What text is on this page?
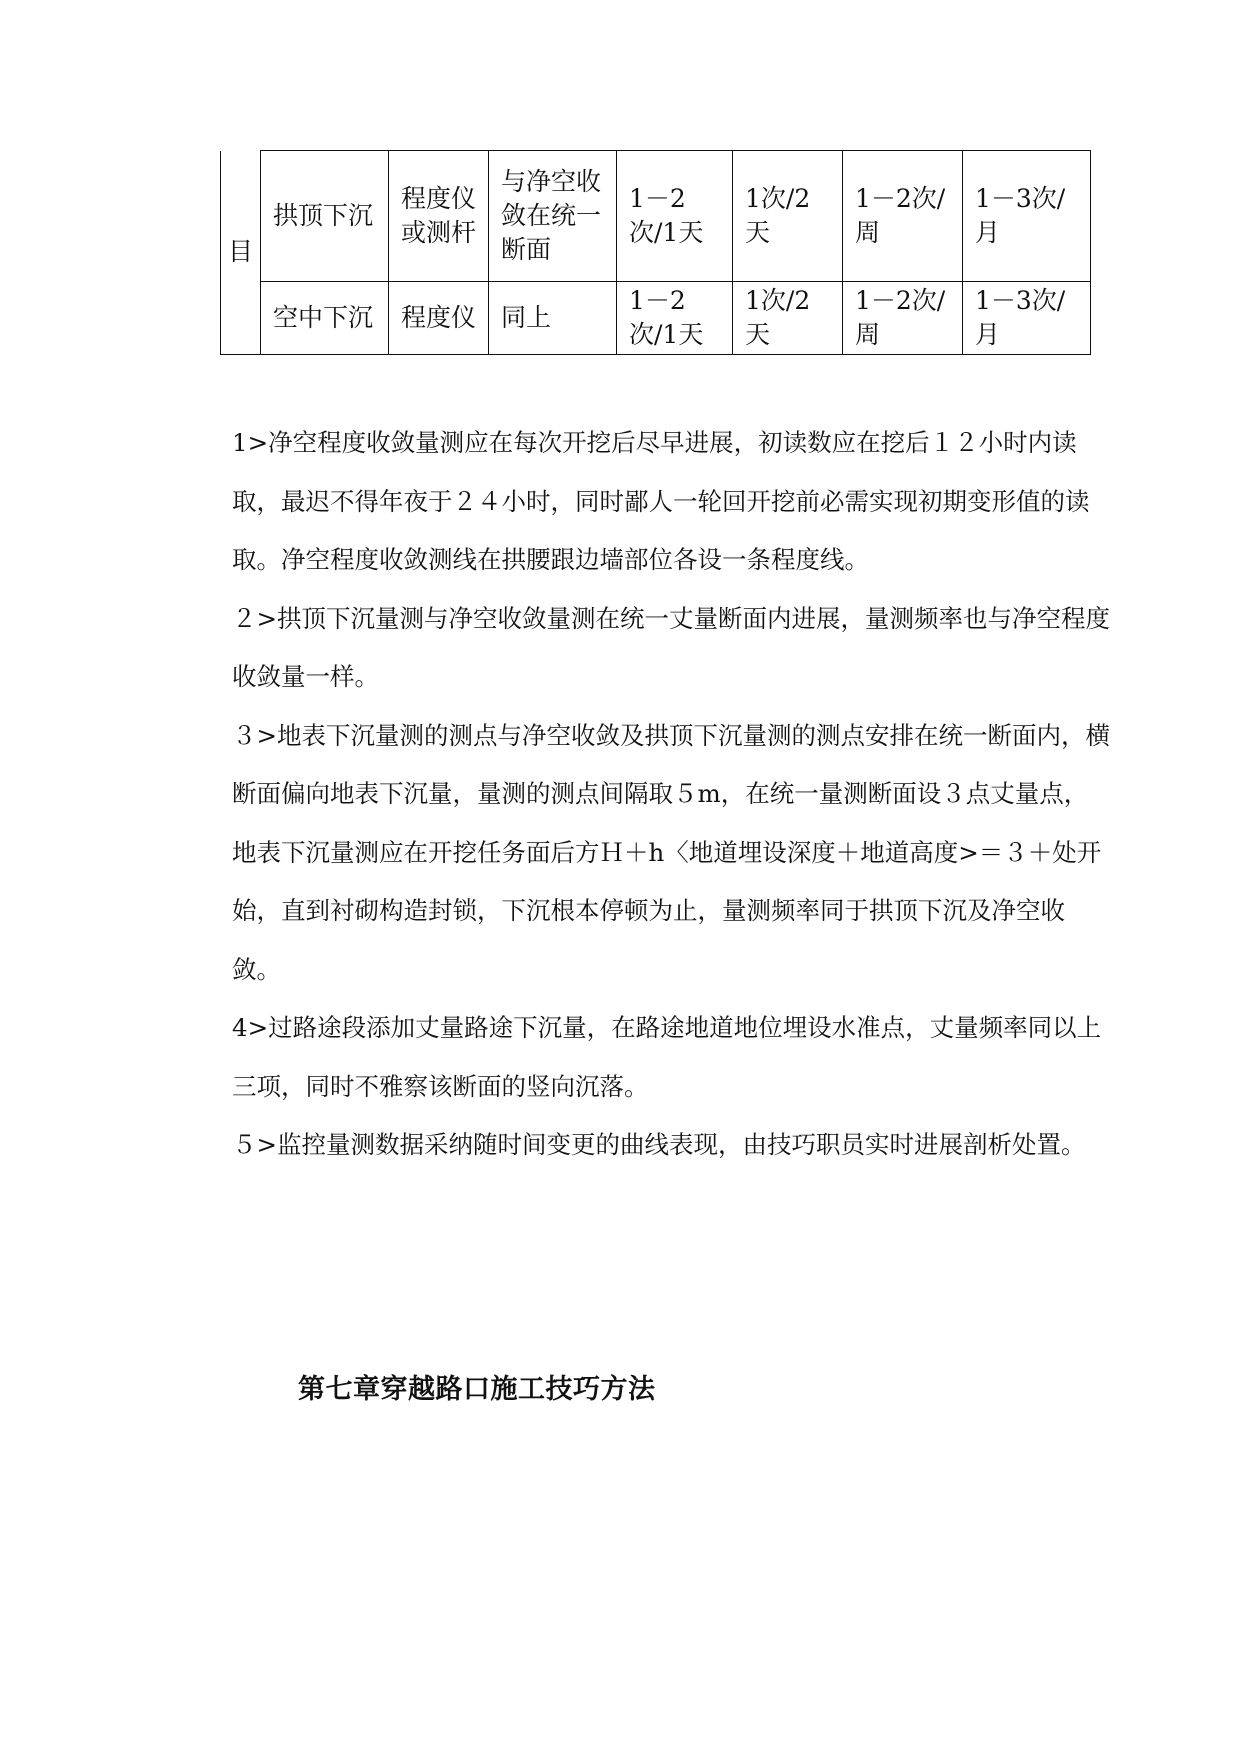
目	拱顶下沉	程度仪或测杆	与净空收敛在统一断面	1－2次/1天	1次/2天	1－2次/周	1－3次/月
	空中下沉	程度仪	同上	1－2次/1天	1次/2天	1－2次/周	1－3次/月

1>净空程度收敛量测应在每次开挖后尽早进展，初读数应在挖后１２小时内读取，最迟不得年夜于２４小时，同时鄙人一轮回开挖前必需实现初期变形值的读取。净空程度收敛测线在拱腰跟边墙部位各设一条程度线。

２>拱顶下沉量测与净空收敛量测在统一丈量断面内进展，量测频率也与净空程度收敛量一样。

３>地表下沉量测的测点与净空收敛及拱顶下沉量测的测点安排在统一断面内，横断面偏向地表下沉量，量测的测点间隔取５m，在统一量测断面设３点丈量点，地表下沉量测应在开挖任务面后方Ｈ＋h〈地道埋设深度＋地道高度>＝３＋处开始，直到衬砌构造封锁，下沉根本停顿为止，量测频率同于拱顶下沉及净空收敛。

4>过路途段添加丈量路途下沉量，在路途地道地位埋设水准点，丈量频率同以上三项，同时不雅察该断面的竖向沉落。

５>监控量测数据采纳随时间变更的曲线表现，由技巧职员实时进展剖析处置。

第七章穿越路口施工技巧方法
